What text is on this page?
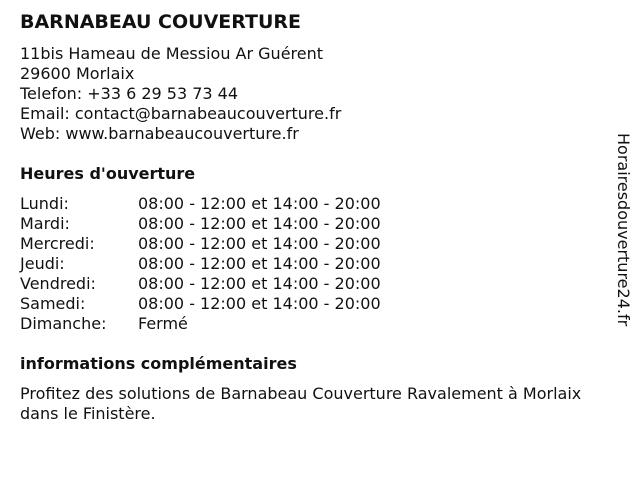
BARNABEAU COUVERTURE
11bis Hameau de Messiou Ar Guérent
29600 Morlaix
Telefon: +33 6 29 53 73 44
Email: contact@barnabeaucouverture.fr
Web: www.barnabeaucouverture.fr
Heures d'ouverture
Lundi:	08:00 - 12:00 et 14:00 - 20:00
Mardi:	08:00 - 12:00 et 14:00 - 20:00
Mercredi:	08:00 - 12:00 et 14:00 - 20:00
Jeudi:	08:00 - 12:00 et 14:00 - 20:00
Vendredi:	08:00 - 12:00 et 14:00 - 20:00
Samedi:	08:00 - 12:00 et 14:00 - 20:00
Dimanche:	Fermé
informations complémentaires
Profitez des solutions de Barnabeau Couverture Ravalement à Morlaix dans le Finistère.
Horairesdouverture24.fr
